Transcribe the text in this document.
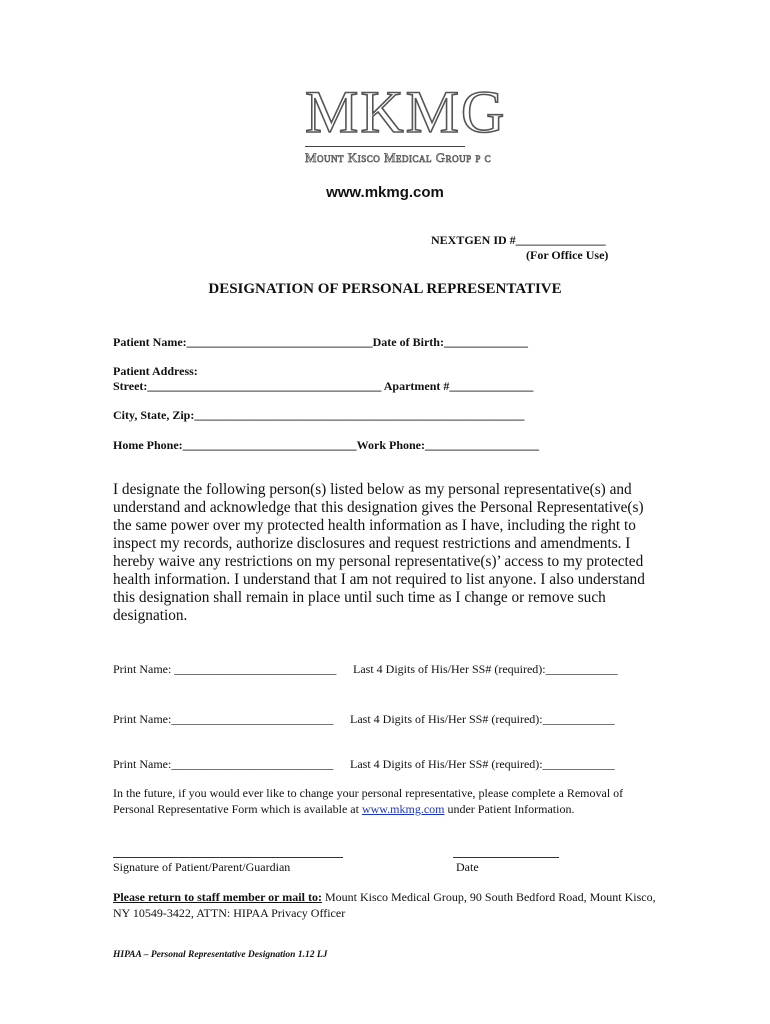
MKMG
Mount Kisco Medical Group p c
www.mkmg.com
NEXTGEN ID #_______________
(For Office Use)
DESIGNATION OF PERSONAL REPRESENTATIVE
Patient Name:_______________________________Date of Birth:______________
Patient Address:
Street:_______________________________________ Apartment #______________
City, State, Zip:_______________________________________________________
Home Phone:_____________________________Work Phone:___________________
I designate the following person(s) listed below as my personal representative(s) and understand and acknowledge that this designation gives the Personal Representative(s) the same power over my protected health information as I have, including the right to inspect my records, authorize disclosures and request restrictions and amendments. I hereby waive any restrictions on my personal representative(s)’ access to my protected health information. I understand that I am not required to list anyone. I also understand this designation shall remain in place until such time as I change or remove such designation.
Print Name: ___________________________ Last 4 Digits of His/Her SS# (required):____________
Print Name:___________________________ Last 4 Digits of His/Her SS# (required):____________
Print Name:___________________________ Last 4 Digits of His/Her SS# (required):____________
In the future, if you would ever like to change your personal representative, please complete a Removal of Personal Representative Form which is available at www.mkmg.com under Patient Information.
Signature of Patient/Parent/Guardian	Date
Please return to staff member or mail to: Mount Kisco Medical Group, 90 South Bedford Road, Mount Kisco, NY 10549-3422, ATTN: HIPAA Privacy Officer
HIPAA – Personal Representative Designation 1.12 LJ
